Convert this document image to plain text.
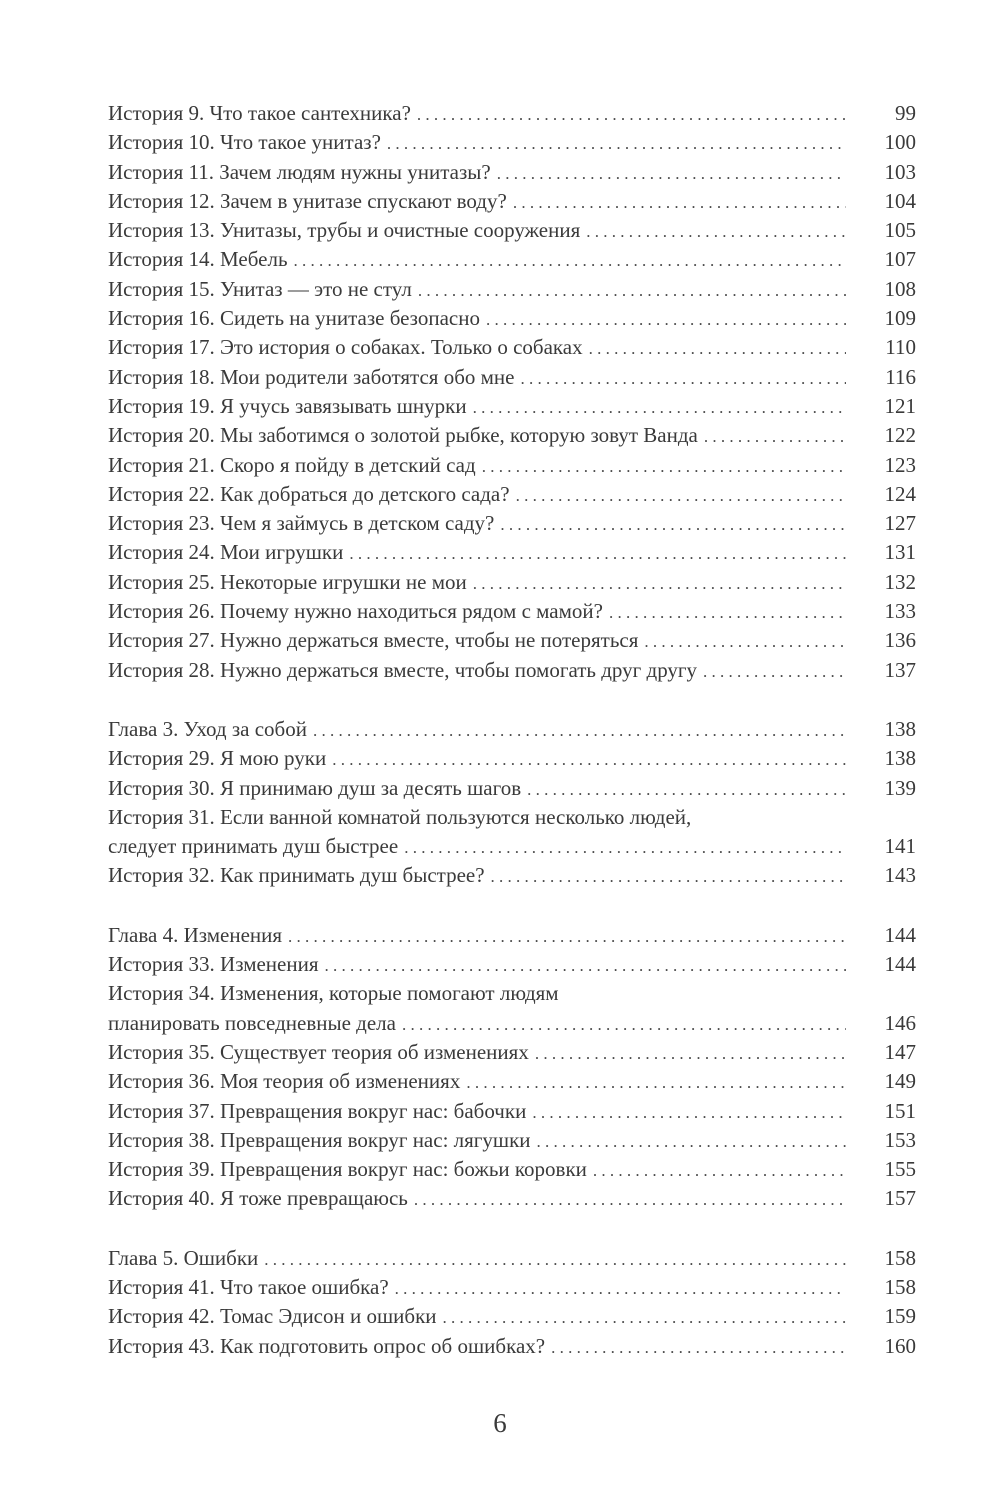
История 9. Что такое сантехника? . . .	99
История 10. Что такое унитаз? . . .	100
История 11. Зачем людям нужны унитазы? . . .	103
История 12. Зачем в унитазе спускают воду? . . .	104
История 13. Унитазы, трубы и очистные сооружения . . .	105
История 14. Мебель . . .	107
История 15. Унитаз — это не стул . . .	108
История 16. Сидеть на унитазе безопасно . . .	109
История 17. Это история о собаках. Только о собаках . . .	110
История 18. Мои родители заботятся обо мне . . .	116
История 19. Я учусь завязывать шнурки . . .	121
История 20. Мы заботимся о золотой рыбке, которую зовут Ванда . . .	122
История 21. Скоро я пойду в детский сад . . .	123
История 22. Как добраться до детского сада? . . .	124
История 23. Чем я займусь в детском саду? . . .	127
История 24. Мои игрушки . . .	131
История 25. Некоторые игрушки не мои . . .	132
История 26. Почему нужно находиться рядом с мамой? . . .	133
История 27. Нужно держаться вместе, чтобы не потеряться . . .	136
История 28. Нужно держаться вместе, чтобы помогать друг другу . . .	137
Глава 3. Уход за собой . . .	138
История 29. Я мою руки . . .	138
История 30. Я принимаю душ за десять шагов . . .	139
История 31. Если ванной комнатой пользуются несколько людей,
следует принимать душ быстрее . . .	141
История 32. Как принимать душ быстрее? . . .	143
Глава 4. Изменения . . .	144
История 33. Изменения . . .	144
История 34. Изменения, которые помогают людям
планировать повседневные дела . . .	146
История 35. Существует теория об изменениях . . .	147
История 36. Моя теория об изменениях . . .	149
История 37. Превращения вокруг нас: бабочки . . .	151
История 38. Превращения вокруг нас: лягушки . . .	153
История 39. Превращения вокруг нас: божьи коровки . . .	155
История 40. Я тоже превращаюсь . . .	157
Глава 5. Ошибки . . .	158
История 41. Что такое ошибка? . . .	158
История 42. Томас Эдисон и ошибки . . .	159
История 43. Как подготовить опрос об ошибках? . . .	160
6
